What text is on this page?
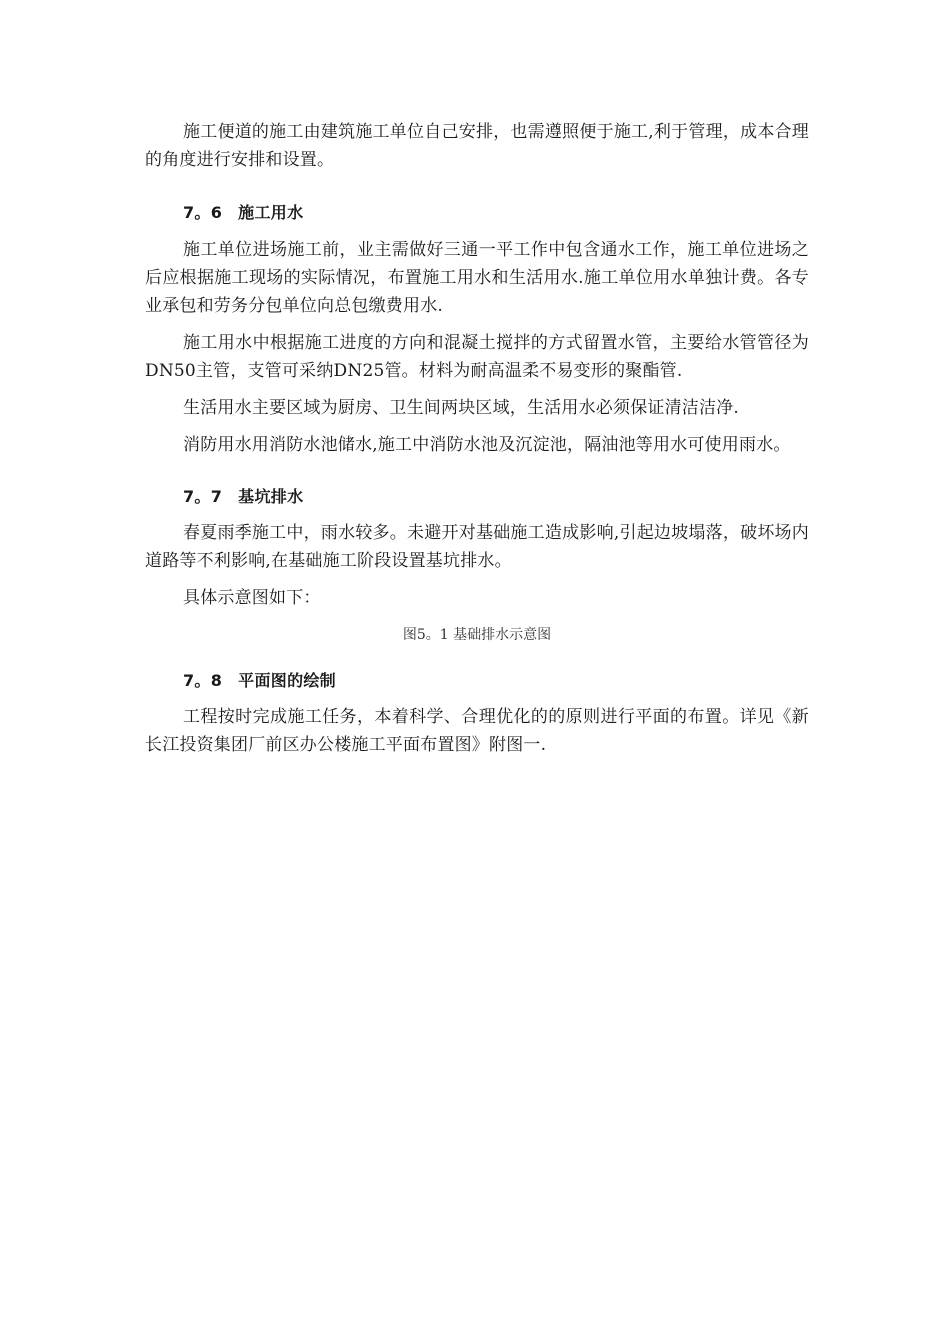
施工便道的施工由建筑施工单位自己安排，也需遵照便于施工,利于管理，成本合理的角度进行安排和设置。

7。6 施工用水

施工单位进场施工前，业主需做好三通一平工作中包含通水工作，施工单位进场之后应根据施工现场的实际情况，布置施工用水和生活用水.施工单位用水单独计费。各专业承包和劳务分包单位向总包缴费用水.

施工用水中根据施工进度的方向和混凝土搅拌的方式留置水管，主要给水管管径为DN50主管，支管可采纳DN25管。材料为耐高温柔不易变形的聚酯管.

生活用水主要区域为厨房、卫生间两块区域，生活用水必须保证清洁洁净.

消防用水用消防水池储水,施工中消防水池及沉淀池，隔油池等用水可使用雨水。

7。7 基坑排水

春夏雨季施工中，雨水较多。未避开对基础施工造成影响,引起边坡塌落，破坏场内道路等不利影响,在基础施工阶段设置基坑排水。

具体示意图如下：

图5。1 基础排水示意图

7。8 平面图的绘制

工程按时完成施工任务，本着科学、合理优化的的原则进行平面的布置。详见《新长江投资集团厂前区办公楼施工平面布置图》附图一.
